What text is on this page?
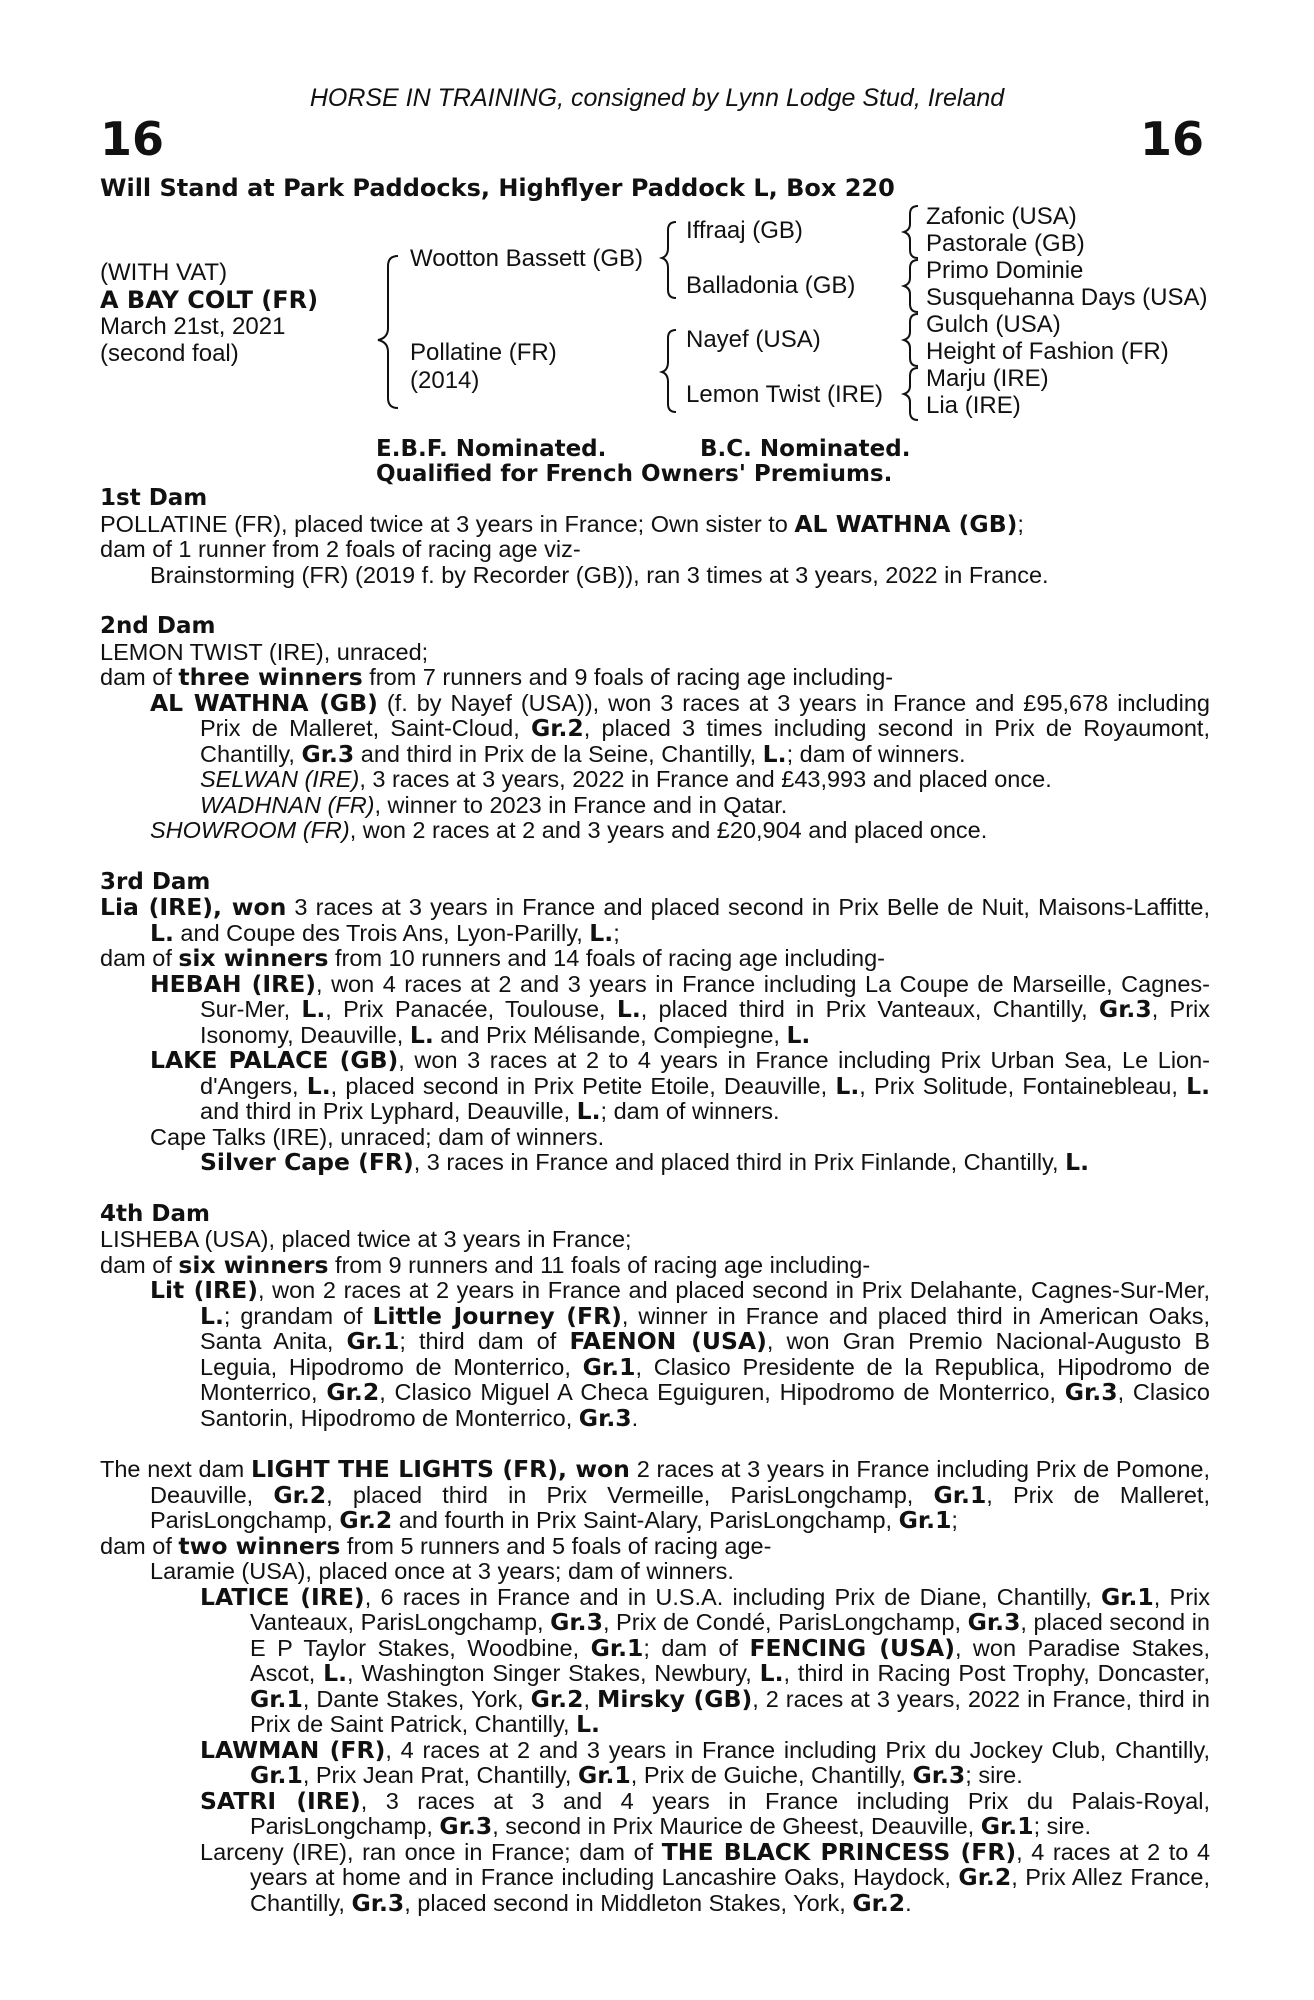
HORSE IN TRAINING, consigned by Lynn Lodge Stud, Ireland
16	16
Will Stand at Park Paddocks, Highflyer Paddock L, Box 220
(WITH VAT)
A BAY COLT (FR)
March 21st, 2021
(second foal)
Wootton Bassett (GB)
Pollatine (FR)
(2014)
Iffraaj (GB)
Balladonia (GB)
Nayef (USA)
Lemon Twist (IRE)
Zafonic (USA)
Pastorale (GB)
Primo Dominie
Susquehanna Days (USA)
Gulch (USA)
Height of Fashion (FR)
Marju (IRE)
Lia (IRE)
E.B.F. Nominated.	B.C. Nominated.
Qualified for French Owners' Premiums.
1st Dam
POLLATINE (FR), placed twice at 3 years in France; Own sister to AL WATHNA (GB);
dam of 1 runner from 2 foals of racing age viz-
Brainstorming (FR) (2019 f. by Recorder (GB)), ran 3 times at 3 years, 2022 in France.
2nd Dam
LEMON TWIST (IRE), unraced;
dam of three winners from 7 runners and 9 foals of racing age including-
AL WATHNA (GB) (f. by Nayef (USA)), won 3 races at 3 years in France and £95,678 including Prix de Malleret, Saint-Cloud, Gr.2, placed 3 times including second in Prix de Royaumont, Chantilly, Gr.3 and third in Prix de la Seine, Chantilly, L.; dam of winners.
SELWAN (IRE), 3 races at 3 years, 2022 in France and £43,993 and placed once.
WADHNAN (FR), winner to 2023 in France and in Qatar.
SHOWROOM (FR), won 2 races at 2 and 3 years and £20,904 and placed once.
3rd Dam
Lia (IRE), won 3 races at 3 years in France and placed second in Prix Belle de Nuit, Maisons-Laffitte, L. and Coupe des Trois Ans, Lyon-Parilly, L.;
dam of six winners from 10 runners and 14 foals of racing age including-
HEBAH (IRE), won 4 races at 2 and 3 years in France including La Coupe de Marseille, Cagnes-Sur-Mer, L., Prix Panacée, Toulouse, L., placed third in Prix Vanteaux, Chantilly, Gr.3, Prix Isonomy, Deauville, L. and Prix Mélisande, Compiegne, L.
LAKE PALACE (GB), won 3 races at 2 to 4 years in France including Prix Urban Sea, Le Lion-d'Angers, L., placed second in Prix Petite Etoile, Deauville, L., Prix Solitude, Fontainebleau, L. and third in Prix Lyphard, Deauville, L.; dam of winners.
Cape Talks (IRE), unraced; dam of winners.
Silver Cape (FR), 3 races in France and placed third in Prix Finlande, Chantilly, L.
4th Dam
LISHEBA (USA), placed twice at 3 years in France;
dam of six winners from 9 runners and 11 foals of racing age including-
Lit (IRE), won 2 races at 2 years in France and placed second in Prix Delahante, Cagnes-Sur-Mer, L.; grandam of Little Journey (FR), winner in France and placed third in American Oaks, Santa Anita, Gr.1; third dam of FAENON (USA), won Gran Premio Nacional-Augusto B Leguia, Hipodromo de Monterrico, Gr.1, Clasico Presidente de la Republica, Hipodromo de Monterrico, Gr.2, Clasico Miguel A Checa Eguiguren, Hipodromo de Monterrico, Gr.3, Clasico Santorin, Hipodromo de Monterrico, Gr.3.
The next dam LIGHT THE LIGHTS (FR), won 2 races at 3 years in France including Prix de Pomone, Deauville, Gr.2, placed third in Prix Vermeille, ParisLongchamp, Gr.1, Prix de Malleret, ParisLongchamp, Gr.2 and fourth in Prix Saint-Alary, ParisLongchamp, Gr.1;
dam of two winners from 5 runners and 5 foals of racing age-
Laramie (USA), placed once at 3 years; dam of winners.
LATICE (IRE), 6 races in France and in U.S.A. including Prix de Diane, Chantilly, Gr.1, Prix Vanteaux, ParisLongchamp, Gr.3, Prix de Condé, ParisLongchamp, Gr.3, placed second in E P Taylor Stakes, Woodbine, Gr.1; dam of FENCING (USA), won Paradise Stakes, Ascot, L., Washington Singer Stakes, Newbury, L., third in Racing Post Trophy, Doncaster, Gr.1, Dante Stakes, York, Gr.2, Mirsky (GB), 2 races at 3 years, 2022 in France, third in Prix de Saint Patrick, Chantilly, L.
LAWMAN (FR), 4 races at 2 and 3 years in France including Prix du Jockey Club, Chantilly, Gr.1, Prix Jean Prat, Chantilly, Gr.1, Prix de Guiche, Chantilly, Gr.3; sire.
SATRI (IRE), 3 races at 3 and 4 years in France including Prix du Palais-Royal, ParisLongchamp, Gr.3, second in Prix Maurice de Gheest, Deauville, Gr.1; sire.
Larceny (IRE), ran once in France; dam of THE BLACK PRINCESS (FR), 4 races at 2 to 4 years at home and in France including Lancashire Oaks, Haydock, Gr.2, Prix Allez France, Chantilly, Gr.3, placed second in Middleton Stakes, York, Gr.2.
